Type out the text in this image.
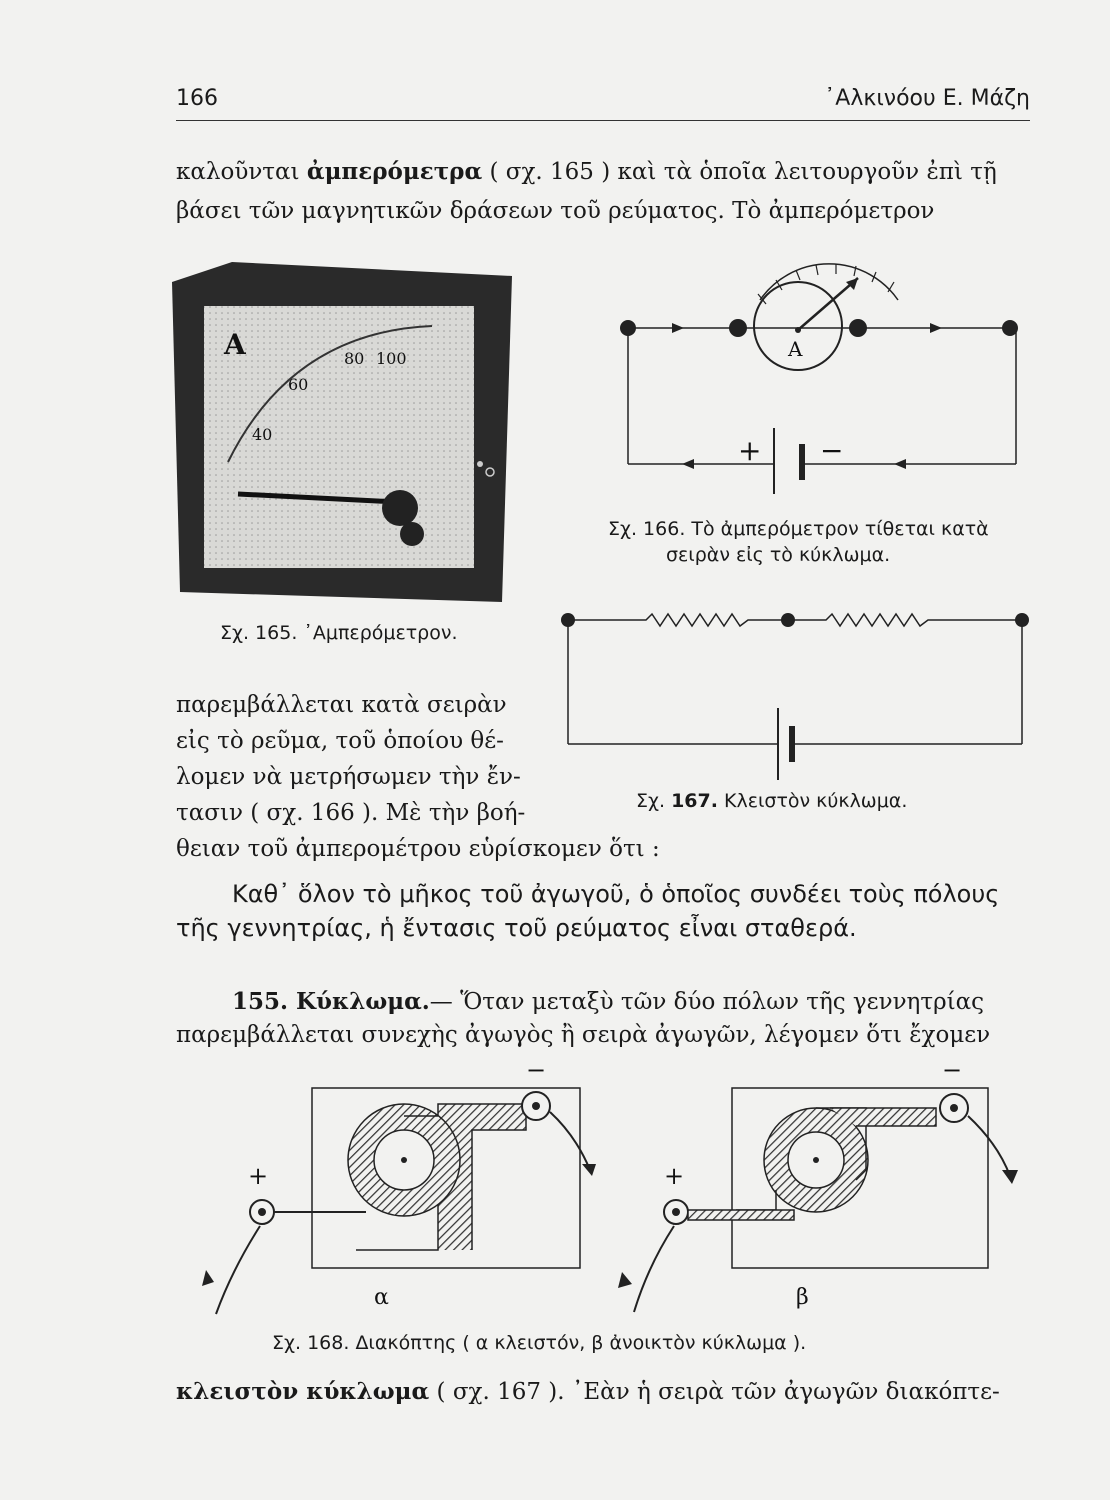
166	᾿Αλκινόου Ε. Μάζη
καλοῦνται ἀμπερόμετρα ( σχ. 165 ) καὶ τὰ ὁποῖα λειτουργοῦν ἐπὶ τῇ
βάσει τῶν μαγνητικῶν δράσεων τοῦ ρεύματος. Τὸ ἀμπερόμετρον
A
40
60
80 100
Σχ. 165. ᾿Αμπερόμετρον.
A
+ −
Σχ. 166. Τὸ ἀμπερόμετρον τίθεται κατὰ
σειρὰν εἰς τὸ κύκλωμα.
Σχ. 167. Κλειστὸν κύκλωμα.
παρεμβάλλεται κατὰ σειρὰν
εἰς τὸ ρεῦμα, τοῦ ὁποίου θέ-
λομεν νὰ μετρήσωμεν τὴν ἔν-
τασιν ( σχ. 166 ). Μὲ τὴν βοή-
θειαν τοῦ ἀμπερομέτρου εὑρίσκομεν ὅτι :
Καθ᾿ ὅλον τὸ μῆκος τοῦ ἀγωγοῦ, ὁ ὁποῖος συνδέει τοὺς πόλους
τῆς γεννητρίας, ἡ ἔντασις τοῦ ρεύματος εἶναι σταθερά.
155. Κύκλωμα.— Ὅταν μεταξὺ τῶν δύο πόλων τῆς γεννητρίας
παρεμβάλλεται συνεχὴς ἀγωγὸς ἢ σειρὰ ἀγωγῶν, λέγομεν ὅτι ἔχομεν
+
−
α
+
−
β
Σχ. 168. Διακόπτης ( α κλειστόν, β ἀνοικτὸν κύκλωμα ).
κλειστὸν κύκλωμα ( σχ. 167 ). ᾿Εὰν ἡ σειρὰ τῶν ἀγωγῶν διακόπτε-
